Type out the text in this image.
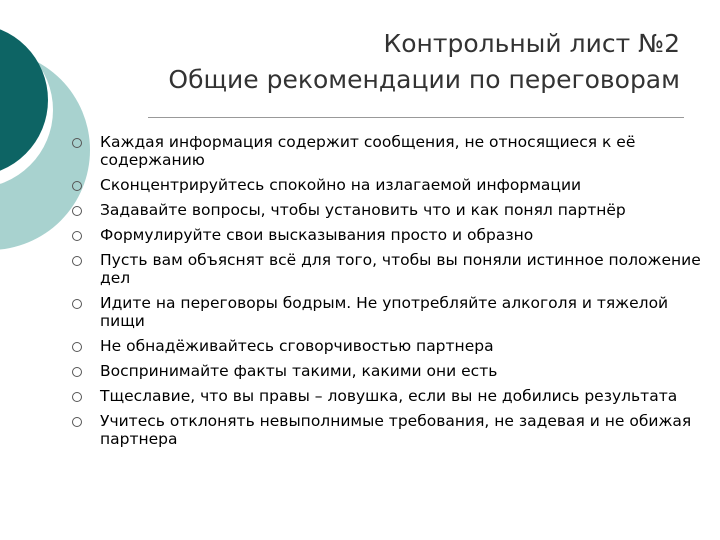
Контрольный лист №2
Общие рекомендации по переговорам
Каждая информация содержит сообщения, не относящиеся к её содержанию
Сконцентрируйтесь спокойно на излагаемой информации
Задавайте вопросы, чтобы установить что и как понял партнёр
Формулируйте свои высказывания просто и образно
Пусть вам объяснят всё для того, чтобы вы поняли истинное положение дел
Идите на переговоры бодрым. Не употребляйте алкоголя и тяжелой пищи
Не обнадёживайтесь сговорчивостью партнера
Воспринимайте факты такими, какими они есть
Тщеславие, что вы правы – ловушка, если вы не добились результата
Учитесь отклонять невыполнимые требования, не задевая и не обижая партнера
